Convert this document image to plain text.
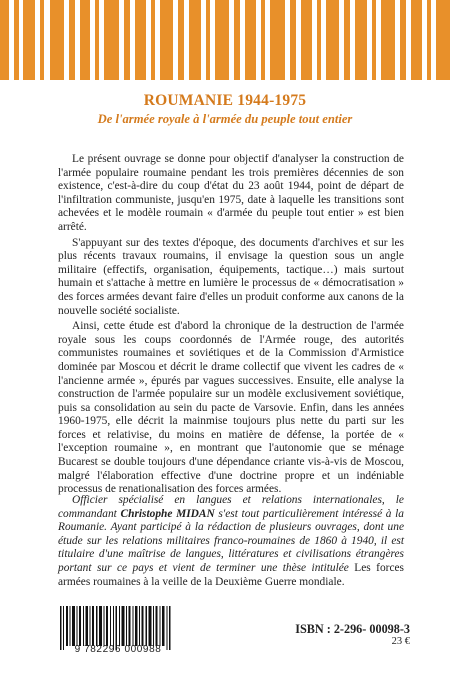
ROUMANIE 1944-1975
De l'armée royale à l'armée du peuple tout entier

Le présent ouvrage se donne pour objectif d'analyser la construction de l'armée populaire roumaine pendant les trois premières décennies de son existence, c'est-à-dire du coup d'état du 23 août 1944, point de départ de l'infiltration communiste, jusqu'en 1975, date à laquelle les transitions sont achevées et le modèle roumain « d'armée du peuple tout entier » est bien arrêté.

S'appuyant sur des textes d'époque, des documents d'archives et sur les plus récents travaux roumains, il envisage la question sous un angle militaire (effectifs, organisation, équipements, tactique…) mais surtout humain et s'attache à mettre en lumière le processus de « démocratisation » des forces armées devant faire d'elles un produit conforme aux canons de la nouvelle société socialiste.

Ainsi, cette étude est d'abord la chronique de la destruction de l'armée royale sous les coups coordonnés de l'Armée rouge, des autorités communistes roumaines et soviétiques et de la Commission d'Armistice dominée par Moscou et décrit le drame collectif que vivent les cadres de « l'ancienne armée », épurés par vagues successives. Ensuite, elle analyse la construction de l'armée populaire sur un modèle exclusivement soviétique, puis sa consolidation au sein du pacte de Varsovie. Enfin, dans les années 1960-1975, elle décrit la mainmise toujours plus nette du parti sur les forces et relativise, du moins en matière de défense, la portée de « l'exception roumaine », en montrant que l'autonomie que se ménage Bucarest se double toujours d'une dépendance criante vis-à-vis de Moscou, malgré l'élaboration effective d'une doctrine propre et un indéniable processus de renationalisation des forces armées.

Officier spécialisé en langues et relations internationales, le commandant Christophe MIDAN s'est tout particulièrement intéressé à la Roumanie. Ayant participé à la rédaction de plusieurs ouvrages, dont une étude sur les relations militaires franco-roumaines de 1860 à 1940, il est titulaire d'une maîtrise de langues, littératures et civilisations étrangères portant sur ce pays et vient de terminer une thèse intitulée Les forces armées roumaines à la veille de la Deuxième Guerre mondiale.
9 782296 000988
ISBN : 2-296- 00098-3
23 €
